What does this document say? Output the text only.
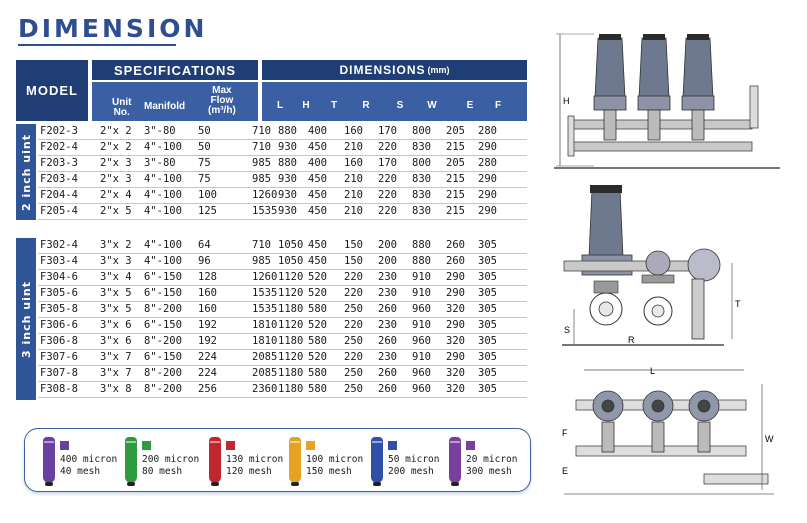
DIMENSION
MODEL
SPECIFICATIONS
Unit
No.
Manifold
Max
Flow
(m³/h)
DIMENSIONS (mm)
L	H	T	R	S	W	E	F
2 inch uint
F202-3 2"x 2 3"-80 50	710 880 400 160 170 800 205 280
F202-4 2"x 2 4"-100 50	710 930 450 210 220 830 215 290
F203-3 2"x 3 3"-80 75	985 880 400 160 170 800 205 280
F203-4 2"x 3 4"-100 75	985 930 450 210 220 830 215 290
F204-4 2"x 4 4"-100 100	1260 930 450 210 220 830 215 290
F205-4 2"x 5 4"-100 125	1535 930 450 210 220 830 215 290
3 inch uint
F302-4 3"x 2 4"-100 64	710 1050 450 150 200 880 260 305
F303-4 3"x 3 4"-100 96	985 1050 450 150 200 880 260 305
F304-6 3"x 4 6"-150 128	1260 1120 520 220 230 910 290 305
F305-6 3"x 5 6"-150 160	1535 1120 520 220 230 910 290 305
F305-8 3"x 5 8"-200 160	1535 1180 580 250 260 960 320 305
F306-6 3"x 6 6"-150 192	1810 1120 520 220 230 910 290 305
F306-8 3"x 6 8"-200 192	1810 1180 580 250 260 960 320 305
F307-6 3"x 7 6"-150 224	2085 1120 520 220 230 910 290 305
F307-8 3"x 7 8"-200 224	2085 1180 580 250 260 960 320 305
F308-8 3"x 8 8"-200 256	2360 1180 580 250 260 960 320 305
400 micron
40 mesh
200 micron
80 mesh
130 micron
120 mesh
100 micron
150 mesh
50 micron
200 mesh
20 micron
300 mesh
H
T
S
R
L
F
E
W
